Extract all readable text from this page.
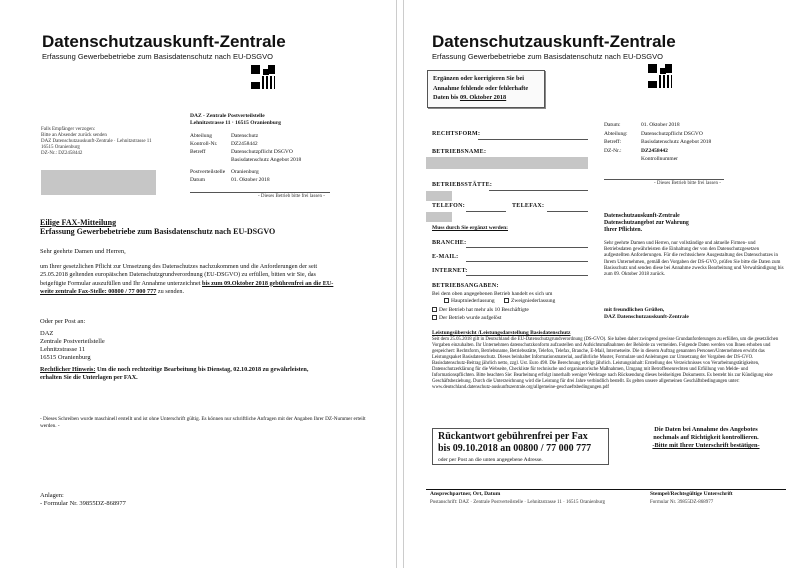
Datenschutzauskunft-Zentrale
Erfassung Gewerbebetriebe zum Basisdatenschutz nach EU-DSGVO
DAZ - Zentrale Postverteilstelle
Lehnitzstrasse 11 · 16515 Oranienburg
Falls Empfänger verzogen:
Bitte an Absender zurück senden
DAZ Datenschutzauskunft-Zentrale · Lehnitzstrasse 11
16515 Oranienburg
DZ-Nr.: DZ2458442
Abteilung	Datenschutz
Kontroll-Nr. DZ2458442
Betreff	Datenschutzpflicht DSGVO
Basisdatenschutz Angebot 2018
Postverteilstelle Oranienburg
Datum	01. Oktober 2018
- Dieses Betrieb bitte frei lassen -
Eilige FAX-Mitteilung
Erfassung Gewerbebetriebe zum Basisdatenschutz nach EU-DSGVO
Sehr geehrte Damen und Herren,
um Ihrer gesetzlichen Pflicht zur Umsetzung des Datenschutzes nachzukommen und die Anforderungen der seit 25.05.2018 geltenden europäischen Datenschutzgrundverordnung (EU-DSGVO) zu erfüllen, bitten wir Sie, das beigefügte Formular auszufüllen und Ihr Annahme unterzeichnet bis zum 09.Oktober 2018 gebührenfrei an die EU-weite zentrale Fax-Stelle: 00800 / 77 000 777 zu senden.
Oder per Post an:
DAZ
Zentrale Postverteilstelle
Lehnitzstrasse 11
16515 Oranienburg
Rechtlicher Hinweis: Um die noch rechtzeitige Bearbeitung bis Dienstag, 02.10.2018 zu gewährleisten, erhalten Sie die Unterlagen per FAX.
- Dieses Schreiben wurde maschinell erstellt und ist ohne Unterschrift gültig. Es können nur schriftliche Anfragen mit der Angaben Ihrer DZ-Nummer erteilt werden. -
Anlagen:
- Formular Nr. 39855DZ-868977
Datenschutzauskunft-Zentrale
Erfassung Gewerbebetriebe zum Basisdatenschutz nach EU-DSGVO
Ergänzen oder korrigieren Sie bei
Annahme fehlende oder fehlerhafte
Daten bis 09. Oktober 2018
Datum:	01. Oktober 2018
Abteilung: Datenschutzpflicht DSGVO
Betreff:	Basisdatenschutz Angebot 2018
DZ-Nr.:	DZ2458442
Kontrollnummer
- Dieses Betrieb bitte frei lassen -
RECHTSFORM:
BETRIEBSNAME:
BETRIEBSSTÄTTE:
TELEFON:	TELEFAX:
Muss durch Sie ergänzt werden:
BRANCHE:
E-MAIL:
INTERNET:
BETRIEBSANGABEN:
Bei dem oben angegebenen Betrieb handelt es sich um
Hauptniederlassung	Zweigniederlassung
Der Betrieb hat mehr als 10 Beschäftigte
Der Betrieb wurde aufgelöst
Datenschutzauskunft-Zentrale
Datenschutzangebot zur Wahrung
Ihrer Pflichten.
Sehr geehrte Damen und Herren, nur vollständige und aktuelle Firmen- und Betriebsdaten gewährleisten die Einhaltung der von den Datenschutzgesetzen aufgestellten Anforderungen. Für die rechtssichere Ausgestaltung des Datenschutzes in Ihrem Unternehmen, gemäß den Vorgaben der DS-GVO, prüfen Sie bitte die Daten zum Basisschutz und senden diese bei Annahme zwecks Bearbeitung und Verwaltändigung bis zum 09. Oktober 2018 zurück.
mit freundlichen Grüßen,
DAZ Datenschutzauskunft-Zentrale
Leistungsübersicht /Leistungsdarstellung Basisdatenschutz
Seit dem 25.05.2018 gilt in Deutschland die EU-Datenschutzgrundverordnung (DS-GVO). Sie haben daher zwingend gewisse Grundanforderungen zu erfüllen, um die gesetzlichen Vorgaben einzuhalten. Ihr Unternehmen datenschutzkonform aufzustellen und Aufsichtsmaßnahmen der Behörde zu vermeiden. Folgende Daten werden von Ihnen erhoben und gespeichert: Rechtsform, Betriebsname, Betriebsstätte, Telefon, Telefax, Branche, E-Mail, Internetseite. Die in diesem Auftrag genannten Personen/Unternehmen erwirbt das Leistungspaket Basisdatenschutz. Dieses beinhaltet Informationsmaterial, ausführliche Muster, Formulare und Anleitungen zur Umsetzung der Vorgaben der DS-GVO. Basisdatenschutz-Beitrag jährlich netto, zzgl. Ust. Euro 498. Die Berechnung erfolgt jährlich. Leistungsinhalt: Erstellung des Verzeichnisses von Verarbeitungstätigkeiten, Datenschutzerklärung für die Webseite, Checkliste für technische und organisatorische Maßnahmen, Umgang mit Betroffenenrechten und Erfüllung von Melde- und Informationspflichten. Bitte beachten Sie: Bearbeitung erfolgt innerhalb weniger Werktage nach Rücksendung dieses beidseitigen Dokuments. Es besteht bis zur Kündigung eine Geschäftsbeziehung. Durch die Unterzeichnung wird die Leistung für drei Jahre verbindlich bestellt. Es gelten unsere allgemeinen Geschäftsbedingungen unter: www.deutschland.datenschutz-auskunftszentrale.org/allgemeine-geschaeftsbedingungen.pdf
Rückantwort gebührenfrei per Fax
bis 09.10.2018 an 00800 / 77 000 777
oder per Post an die unten angegebene Adresse.
Die Daten bei Annahme des Angebotes
nochmals auf Richtigkeit kontrollieren.
-Bitte mit Ihrer Unterschrift bestätigen-
Ansprechpartner, Ort, Datum	Stempel/Rechtsgültige Unterschrift
Postanschrift: DAZ · Zentrale Postverteilstelle · Lehnitzstrasse 11 · 16515 Oranienburg	Formular Nr. 39855DZ-868977
